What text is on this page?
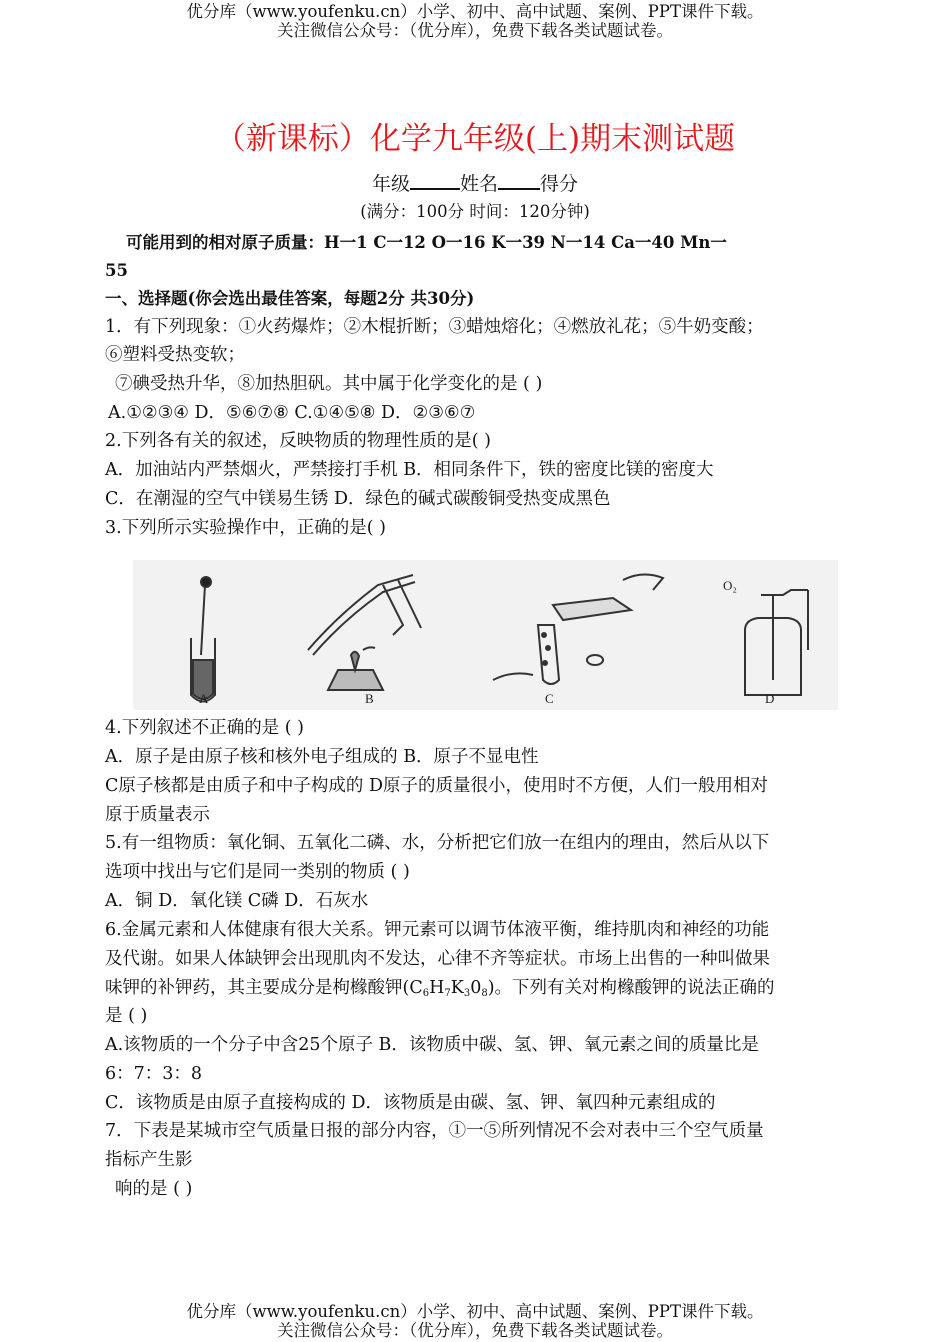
优分库（www.youfenku.cn）小学、初中、高中试题、案例、PPT课件下载。
关注微信公众号：（优分库），免费下载各类试题试卷。
（新课标）化学九年级(上)期末测试题
年级	姓名 得分
(满分：100分 时间：120分钟)
可能用到的相对原子质量：H一1 C一12 O一16 K一39 N一14 Ca一40 Mn一
55
一、选择题(你会选出最佳答案，每题2分 共30分)
1．有下列现象：①火药爆炸；②木棍折断；③蜡烛熔化；④燃放礼花；⑤牛奶变酸；
⑥塑料受热变软；
⑦碘受热升华，⑧加热胆矾。其中属于化学变化的是 ( )
A.①②③④ D．⑤⑥⑦⑧ C.①④⑤⑧ D．②③⑥⑦
2.下列各有关的叙述，反映物质的物理性质的是( )
A．加油站内严禁烟火，严禁接打手机 B．相同条件下，铁的密度比镁的密度大
C．在潮湿的空气中镁易生锈 D．绿色的碱式碳酸铜受热变成黑色
3.下列所示实验操作中，正确的是( )
A	B	C	D
O₂
4.下列叙述不正确的是 ( )
A．原子是由原子核和核外电子组成的 B．原子不显电性
C原子核都是由质子和中子构成的 D原子的质量很小，使用时不方便，人们一般用相对
原于质量表示
5.有一组物质：氧化铜、五氧化二磷、水，分析把它们放一在组内的理由，然后从以下
选项中找出与它们是同一类别的物质 ( )
A．铜 D．氧化镁 C磷 D．石灰水
6.金属元素和人体健康有很大关系。钾元素可以调节体液平衡，维持肌肉和神经的功能
及代谢。如果人体缺钾会出现肌肉不发达，心律不齐等症状。市场上出售的一种叫做果
味钾的补钾药，其主要成分是枸橼酸钾$(C_6H_7K_30_8)$。下列有关对枸橼酸钾的说法正确的
是 ( )
A.该物质的一个分子中含25个原子 B．该物质中碳、氢、钾、氧元素之间的质量比是
6：7：3：8
C．该物质是由原子直接构成的 D．该物质是由碳、氢、钾、氧四种元素组成的
7．下表是某城市空气质量日报的部分内容，①一⑤所列情况不会对表中三个空气质量
指标产生影
响的是 ( )
优分库（www.youfenku.cn）小学、初中、高中试题、案例、PPT课件下载。
关注微信公众号：（优分库），免费下载各类试题试卷。
